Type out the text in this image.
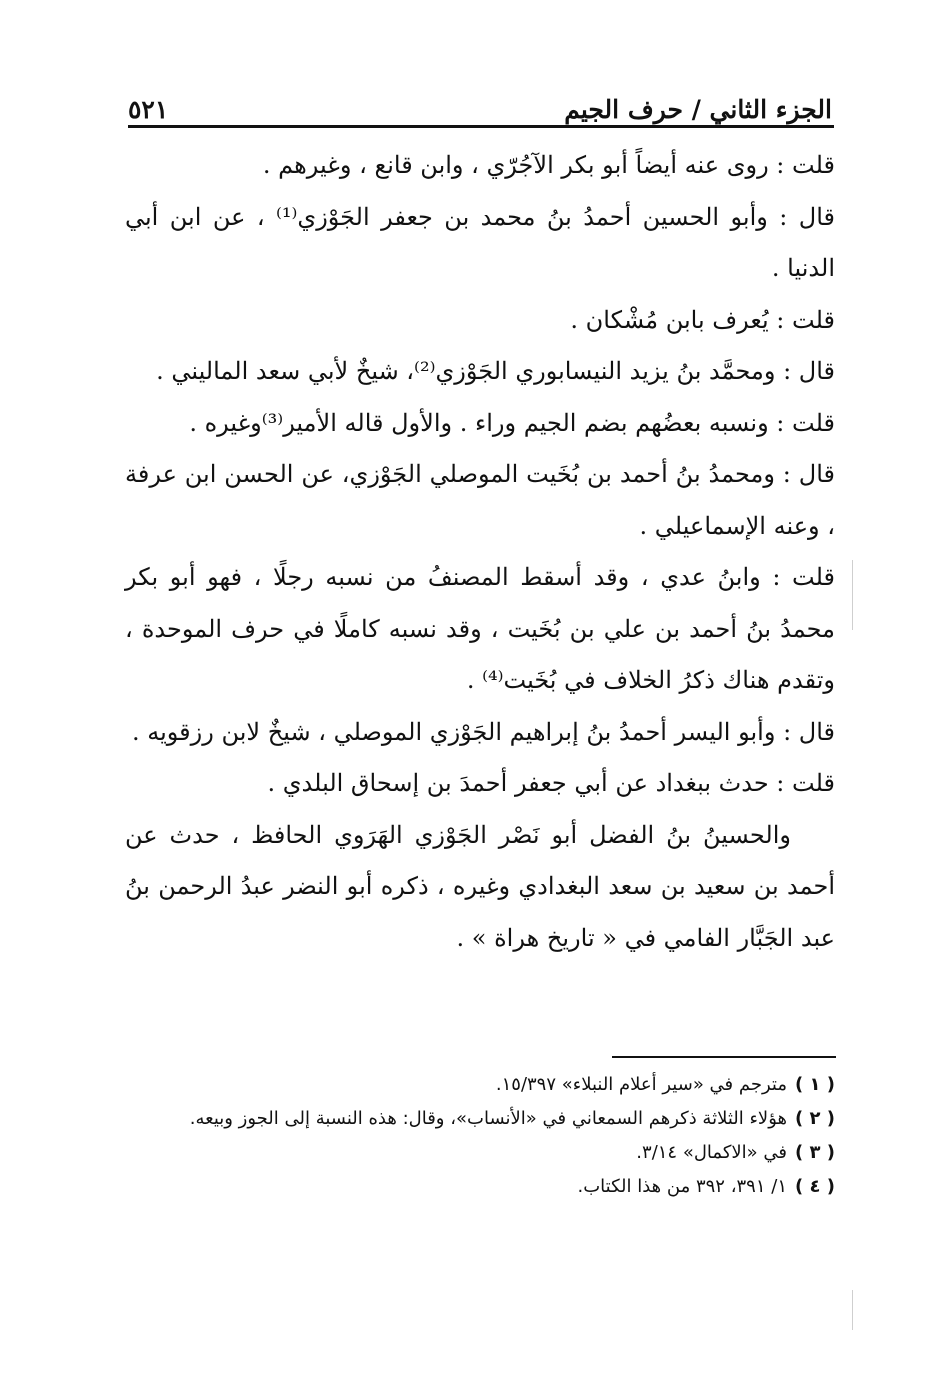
الجزء الثاني / حرف الجيم
٥٢١

قلت : روى عنه أيضاً أبو بكر الآجُرّي ، وابن قانع ، وغيرهم .

قال : وأبو الحسين أحمدُ بنُ محمد بن جعفر الجَوْزي⁽¹⁾ ، عن ابن أبي الدنيا .

قلت : يُعرف بابن مُشْكان .

قال : ومحمَّد بنُ يزيد النيسابوري الجَوْزي⁽²⁾، شيخٌ لأبي سعد الماليني .

قلت : ونسبه بعضُهم بضم الجيم وراء . والأول قاله الأمير⁽³⁾وغيره .

قال : ومحمدُ بنُ أحمد بن بُخَيت الموصلي الجَوْزي، عن الحسن ابن عرفة ، وعنه الإسماعيلي .

قلت : وابنُ عدي ، وقد أسقط المصنفُ من نسبه رجلًا ، فهو أبو بكر محمدُ بنُ أحمد بن علي بن بُخَيت ، وقد نسبه كاملًا في حرف الموحدة ، وتقدم هناك ذكرُ الخلاف في بُخَيت⁽⁴⁾ .

قال : وأبو اليسر أحمدُ بنُ إبراهيم الجَوْزي الموصلي ، شيخٌ لابن رزقويه .

قلت : حدث ببغداد عن أبي جعفر أحمدَ بن إسحاق البلدي .

والحسينُ بنُ الفضل أبو نَصْر الجَوْزي الهَرَوي الحافظ ، حدث عن أحمد بن سعيد بن سعد البغدادي وغيره ، ذكره أبو النضر عبدُ الرحمن بنُ عبد الجَبَّار الفامي في « تاريخ هراة » .

( ١ )مترجم في «سير أعلام النبلاء» ١٥/٣٩٧.

( ٢ )هؤلاء الثلاثة ذكرهم السمعاني في «الأنساب»، وقال: هذه النسبة إلى الجوز وبيعه.

( ٣ )في «الاكمال» ٣/١٤.

( ٤ )١/ ٣٩١، ٣٩٢ من هذا الكتاب.
